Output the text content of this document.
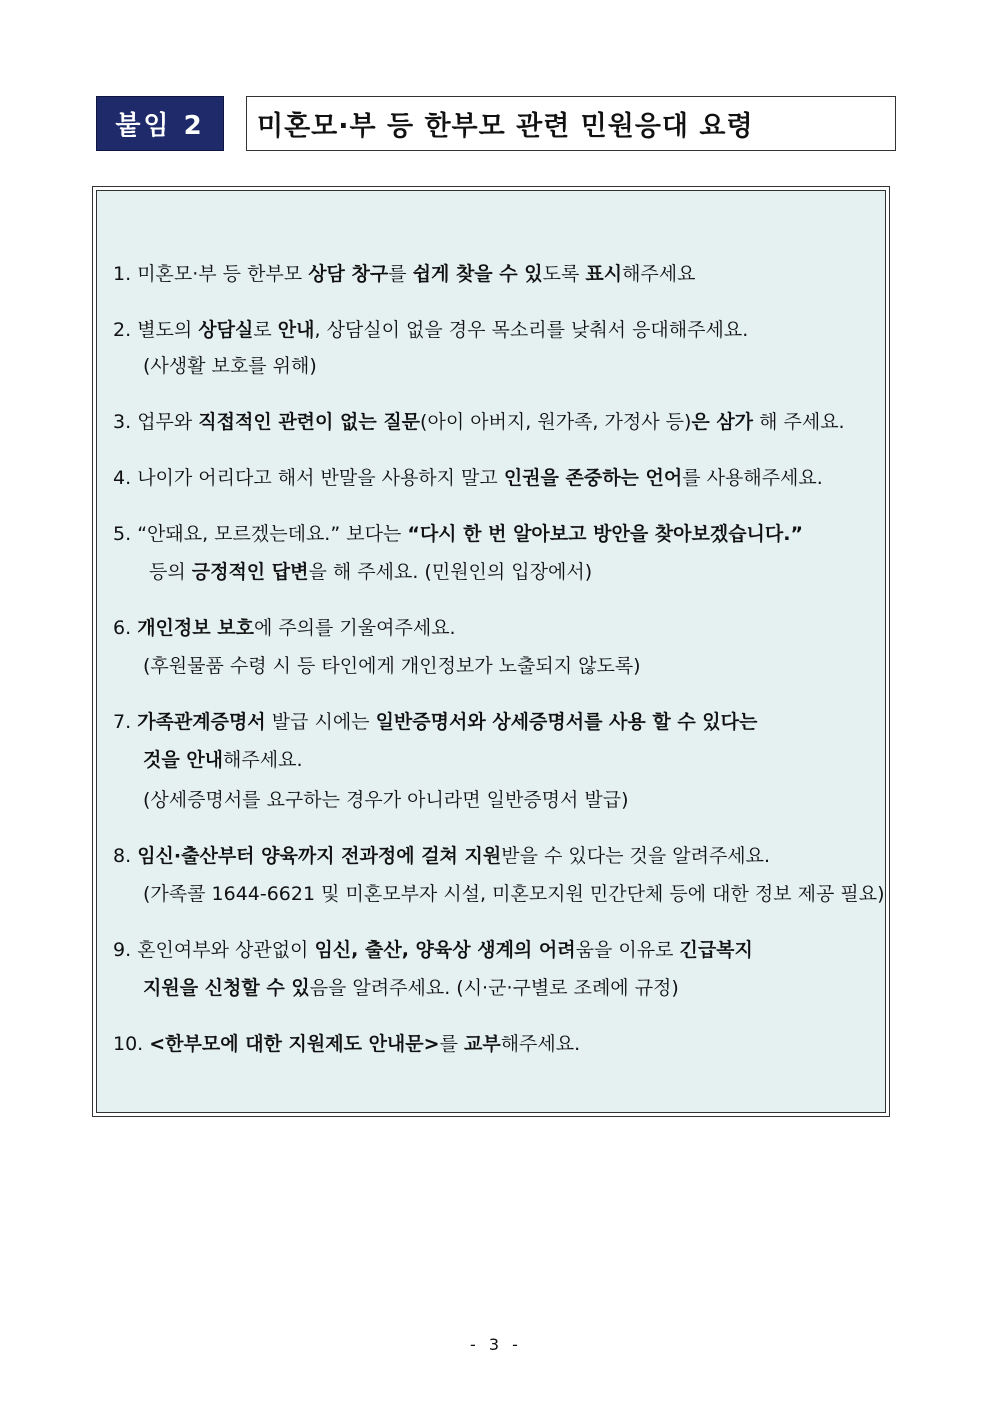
붙임 2 미혼모·부 등 한부모 관련 민원응대 요령
1. 미혼모·부 등 한부모 상담 창구를 쉽게 찾을 수 있도록 표시해주세요
2. 별도의 상담실로 안내, 상담실이 없을 경우 목소리를 낮춰서 응대해주세요.
(사생활 보호를 위해)
3. 업무와 직접적인 관련이 없는 질문(아이 아버지, 원가족, 가정사 등)은 삼가 해 주세요.
4. 나이가 어리다고 해서 반말을 사용하지 말고 인권을 존중하는 언어를 사용해주세요.
5. “안돼요, 모르겠는데요.” 보다는 “다시 한 번 알아보고 방안을 찾아보겠습니다.”
등의 긍정적인 답변을 해 주세요. (민원인의 입장에서)
6. 개인정보 보호에 주의를 기울여주세요.
(후원물품 수령 시 등 타인에게 개인정보가 노출되지 않도록)
7. 가족관계증명서 발급 시에는 일반증명서와 상세증명서를 사용 할 수 있다는
것을 안내해주세요.
(상세증명서를 요구하는 경우가 아니라면 일반증명서 발급)
8. 임신·출산부터 양육까지 전과정에 걸쳐 지원받을 수 있다는 것을 알려주세요.
(가족콜 1644-6621 및 미혼모부자 시설, 미혼모지원 민간단체 등에 대한 정보 제공 필요)
9. 혼인여부와 상관없이 임신, 출산, 양육상 생계의 어려움을 이유로 긴급복지
지원을 신청할 수 있음을 알려주세요. (시·군·구별로 조례에 규정)
10. <한부모에 대한 지원제도 안내문>를 교부해주세요.
- 3 -
